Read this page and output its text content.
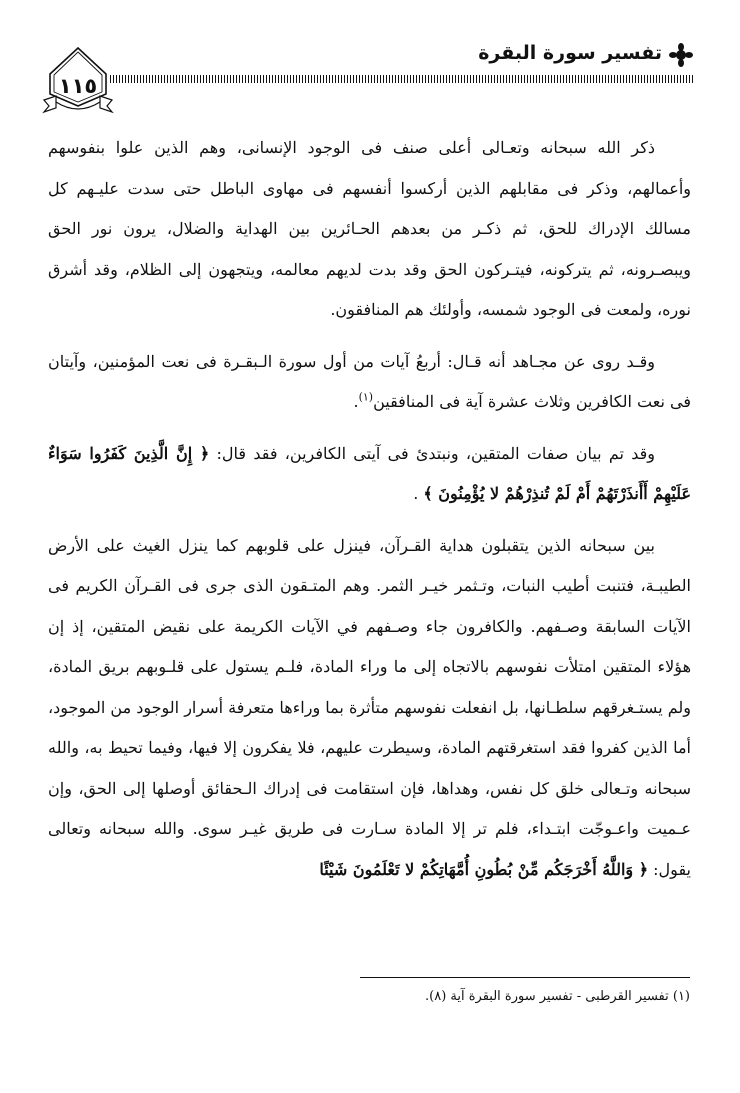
١١٥
تفسير سورة البقرة

ذكر الله سبحانه وتعـالى أعلى صنف فى الوجود الإنسانى، وهم الذين علوا بنفوسهم وأعمالهم، وذكر فى مقابلهم الذين أركسوا أنفسهم فى مهاوى الباطل حتى سدت عليـهم كل مسالك الإدراك للحق، ثم ذكـر من بعدهم الحـائرين بين الهداية والضلال، يرون نور الحق ويبصـرونه، ثم يتركونه، فيتـركون الحق وقد بدت لديهم معالمه، ويتجهون إلى الظلام، وقد أشرق نوره، ولمعت فى الوجود شمسه، وأولئك هم المنافقون.

وقـد روى عن مجـاهد أنه قـال: أربعُ آيات من أول سورة الـبقـرة فى نعت المؤمنين، وآيتان فى نعت الكافرين وثلاث عشرة آية فى المنافقين$^{(١)}$.

وقد تم بيان صفات المتقين، ونبتدئ فى آيتى الكافرين، فقد قال: ﴿ إِنَّ الَّذِينَ كَفَرُوا سَوَاءٌ عَلَيْهِمْ أَأَنذَرْتَهُمْ أَمْ لَمْ تُنذِرْهُمْ لا يُؤْمِنُونَ ﴾ .

بين سبحانه الذين يتقبلون هداية القـرآن، فينزل على قلوبهم كما ينزل الغيث على الأرض الطيبـة، فتنبت أطيب النبات، وتـثمر خيـر الثمر. وهم المتـقون الذى جرى فى القـرآن الكريم فى الآيات السابقة وصـفهم. والكافرون جاء وصـفهم في الآيات الكريمة على نقيض المتقين، إذ إن هؤلاء المتقين امتلأت نفوسهم بالاتجاه إلى ما وراء المادة، فلـم يستول على قلـوبهم بريق المادة، ولم يستـغرقهم سلطـانها، بل انفعلت نفوسهم متأثرة بما وراءها متعرفة أسرار الوجود من الموجود، أما الذين كفروا فقد استغرقتهم المادة، وسيطرت عليهم، فلا يفكرون إلا فيها، وفيما تحيط به، والله سبحانه وتـعالى خلق كل نفس، وهداها، فإن استقامت فى إدراك الـحقائق أوصلها إلى الحق، وإن عـميت واعـوجّت ابتـداء، فلم تر إلا المادة سـارت فى طريق غيـر سوى. والله سبحانه وتعالى يقول: ﴿ وَاللَّهُ أَخْرَجَكُم مِّنْ بُطُونِ أُمَّهَاتِكُمْ لا تَعْلَمُونَ شَيْئًا

(١) تفسير القرطبى - تفسير سورة البقرة آية (٨).
